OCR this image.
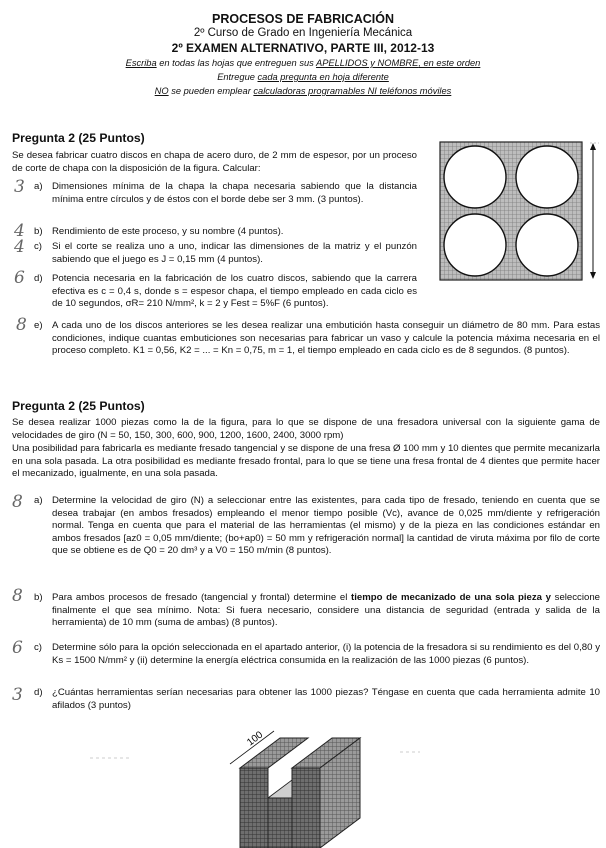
PROCESOS DE FABRICACIÓN
2º Curso de Grado en Ingeniería Mecánica
2º EXAMEN ALTERNATIVO, PARTE III, 2012-13
Escriba en todas las hojas que entreguen sus APELLIDOS y NOMBRE, en este orden
Entregue cada pregunta en hoja diferente
NO se pueden emplear calculadoras programables NI teléfonos móviles
Pregunta 2 (25 Puntos)
Se desea fabricar cuatro discos en chapa de acero duro, de 2 mm de espesor, por un proceso de corte de chapa con la disposición de la figura. Calcular:
3 a) Dimensiones mínima de la chapa la chapa necesaria sabiendo que la distancia mínima entre círculos y de éstos con el borde debe ser 3 mm. (3 puntos).
4 b) Rendimiento de este proceso, y su nombre (4 puntos).
4 c) Si el corte se realiza uno a uno, indicar las dimensiones de la matriz y el punzón sabiendo que el juego es J = 0,15 mm (4 puntos).
6 d) Potencia necesaria en la fabricación de los cuatro discos, sabiendo que la carrera efectiva es c = 0,4 s, donde s = espesor chapa, el tiempo empleado en cada ciclo es de 10 segundos, σR= 210 N/mm², k = 2 y Fest = 5%F (6 puntos).
8 e) A cada uno de los discos anteriores se les desea realizar una embutición hasta conseguir un diámetro de 80 mm. Para estas condiciones, indique cuantas embuticiones son necesarias para fabricar un vaso y calcule la potencia máxima necesaria en el proceso completo. K1 = 0,56, K2 = ... = Kn = 0,75, m = 1, el tiempo empleado en cada ciclo es de 8 segundos. (8 puntos).
Pregunta 2 (25 Puntos)
Se desea realizar 1000 piezas como la de la figura, para lo que se dispone de una fresadora universal con la siguiente gama de velocidades de giro (N = 50, 150, 300, 600, 900, 1200, 1600, 2400, 3000 rpm)
Una posibilidad para fabricarla es mediante fresado tangencial y se dispone de una fresa Ø 100 mm y 10 dientes que permite mecanizarla en una sola pasada. La otra posibilidad es mediante fresado frontal, para lo que se tiene una fresa frontal de 4 dientes que permite hacer el mecanizado, igualmente, en una sola pasada.
8 a) Determine la velocidad de giro (N) a seleccionar entre las existentes, para cada tipo de fresado, teniendo en cuenta que se desea trabajar (en ambos fresados) empleando el menor tiempo posible (Vc), avance de 0,025 mm/diente y refrigeración normal. Tenga en cuenta que para el material de las herramientas (el mismo) y de la pieza en las condiciones estándar en ambos fresados [az0 = 0,05 mm/diente; (bo+ap0) = 50 mm y refrigeración normal] la cantidad de viruta máxima por filo de corte que se obtiene es de Q0 = 20 dm³ y a V0 = 150 m/min (8 puntos).
8 b) Para ambos procesos de fresado (tangencial y frontal) determine el tiempo de mecanizado de una sola pieza y seleccione finalmente el que sea mínimo. Nota: Si fuera necesario, considere una distancia de seguridad (entrada y salida de la herramienta) de 10 mm (suma de ambas) (8 puntos).
6 c) Determine sólo para la opción seleccionada en el apartado anterior, (i) la potencia de la fresadora si su rendimiento es del 0,80 y Ks = 1500 N/mm² y (ii) determine la energía eléctrica consumida en la realización de las 1000 piezas (6 puntos).
3 d) ¿Cuántas herramientas serían necesarias para obtener las 1000 piezas? Téngase en cuenta que cada herramienta admite 10 afilados (3 puntos)
100
